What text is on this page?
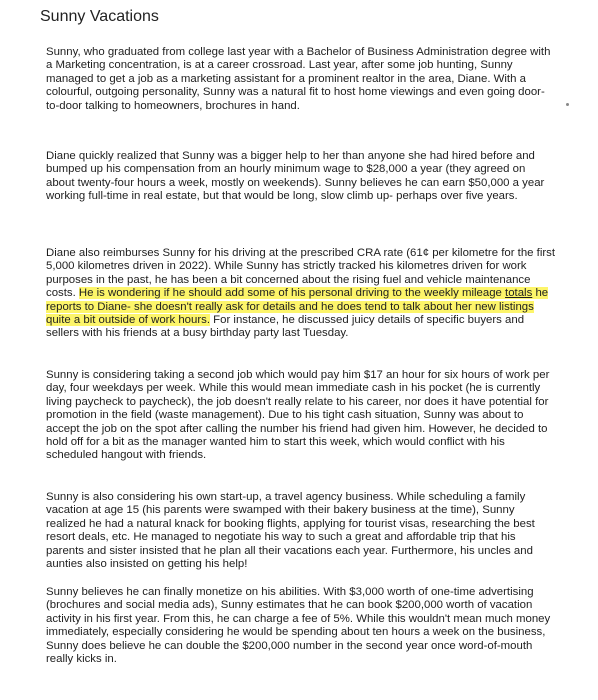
Sunny Vacations

Sunny, who graduated from college last year with a Bachelor of Business Administration degree with a Marketing concentration, is at a career crossroad. Last year, after some job hunting, Sunny managed to get a job as a marketing assistant for a prominent realtor in the area, Diane. With a colourful, outgoing personality, Sunny was a natural fit to host home viewings and even going door-to-door talking to homeowners, brochures in hand.

Diane quickly realized that Sunny was a bigger help to her than anyone she had hired before and bumped up his compensation from an hourly minimum wage to $28,000 a year (they agreed on about twenty-four hours a week, mostly on weekends). Sunny believes he can earn $50,000 a year working full-time in real estate, but that would be long, slow climb up- perhaps over five years.

Diane also reimburses Sunny for his driving at the prescribed CRA rate (61¢ per kilometre for the first 5,000 kilometres driven in 2022). While Sunny has strictly tracked his kilometres driven for work purposes in the past, he has been a bit concerned about the rising fuel and vehicle maintenance costs. He is wondering if he should add some of his personal driving to the weekly mileage totals he reports to Diane- she doesn't really ask for details and he does tend to talk about her new listings quite a bit outside of work hours. For instance, he discussed juicy details of specific buyers and sellers with his friends at a busy birthday party last Tuesday.

Sunny is considering taking a second job which would pay him $17 an hour for six hours of work per day, four weekdays per week. While this would mean immediate cash in his pocket (he is currently living paycheck to paycheck), the job doesn't really relate to his career, nor does it have potential for promotion in the field (waste management). Due to his tight cash situation, Sunny was about to accept the job on the spot after calling the number his friend had given him. However, he decided to hold off for a bit as the manager wanted him to start this week, which would conflict with his scheduled hangout with friends.

Sunny is also considering his own start-up, a travel agency business. While scheduling a family vacation at age 15 (his parents were swamped with their bakery business at the time), Sunny realized he had a natural knack for booking flights, applying for tourist visas, researching the best resort deals, etc. He managed to negotiate his way to such a great and affordable trip that his parents and sister insisted that he plan all their vacations each year. Furthermore, his uncles and aunties also insisted on getting his help!

Sunny believes he can finally monetize on his abilities. With $3,000 worth of one-time advertising (brochures and social media ads), Sunny estimates that he can book $200,000 worth of vacation activity in his first year. From this, he can charge a fee of 5%. While this wouldn't mean much money immediately, especially considering he would be spending about ten hours a week on the business, Sunny does believe he can double the $200,000 number in the second year once word-of-mouth really kicks in.
